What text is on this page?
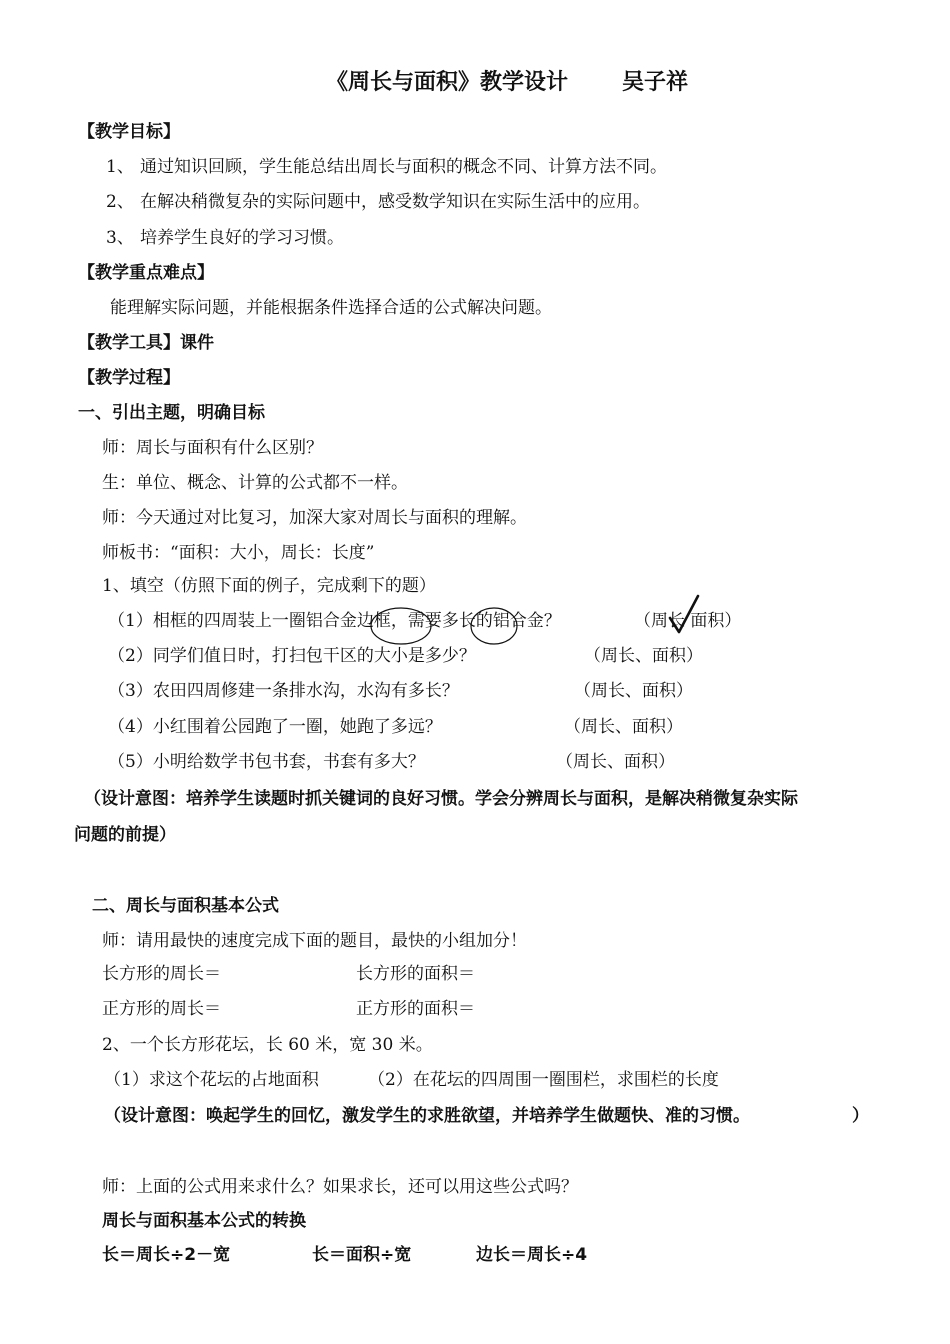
《周长与面积》教学设计 吴子祥
【教学目标】
1、 通过知识回顾，学生能总结出周长与面积的概念不同、计算方法不同。
2、 在解决稍微复杂的实际问题中，感受数学知识在实际生活中的应用。
3、 培养学生良好的学习习惯。
【教学重点难点】
能理解实际问题，并能根据条件选择合适的公式解决问题。
【教学工具】课件
【教学过程】
一、引出主题，明确目标
师：周长与面积有什么区别？
生：单位、概念、计算的公式都不一样。
师：今天通过对比复习，加深大家对周长与面积的理解。
师板书：“面积：大小，周长：长度”
1、填空（仿照下面的例子，完成剩下的题）
（1）相框的四周装上一圈铝合金边框，需要多长的铝合金？	（周长 面积）
（2）同学们值日时，打扫包干区的大小是多少？	（周长、面积）
（3）农田四周修建一条排水沟，水沟有多长？	（周长、面积）
（4）小红围着公园跑了一圈，她跑了多远？	（周长、面积）
（5）小明给数学书包书套，书套有多大？	（周长、面积）
（设计意图：培养学生读题时抓关键词的良好习惯。学会分辨周长与面积，是解决稍微复杂实际
问题的前提）
二、周长与面积基本公式
师：请用最快的速度完成下面的题目，最快的小组加分！
长方形的周长＝	长方形的面积＝
正方形的周长＝	正方形的面积＝
2、一个长方形花坛，长 60 米，宽 30 米。
（1）求这个花坛的占地面积	（2）在花坛的四周围一圈围栏，求围栏的长度
（设计意图：唤起学生的回忆，激发学生的求胜欲望，并培养学生做题快、准的习惯。	）
师：上面的公式用来求什么？如果求长，还可以用这些公式吗？
周长与面积基本公式的转换
长＝周长÷2－宽	长＝面积÷宽	边长＝周长÷4
